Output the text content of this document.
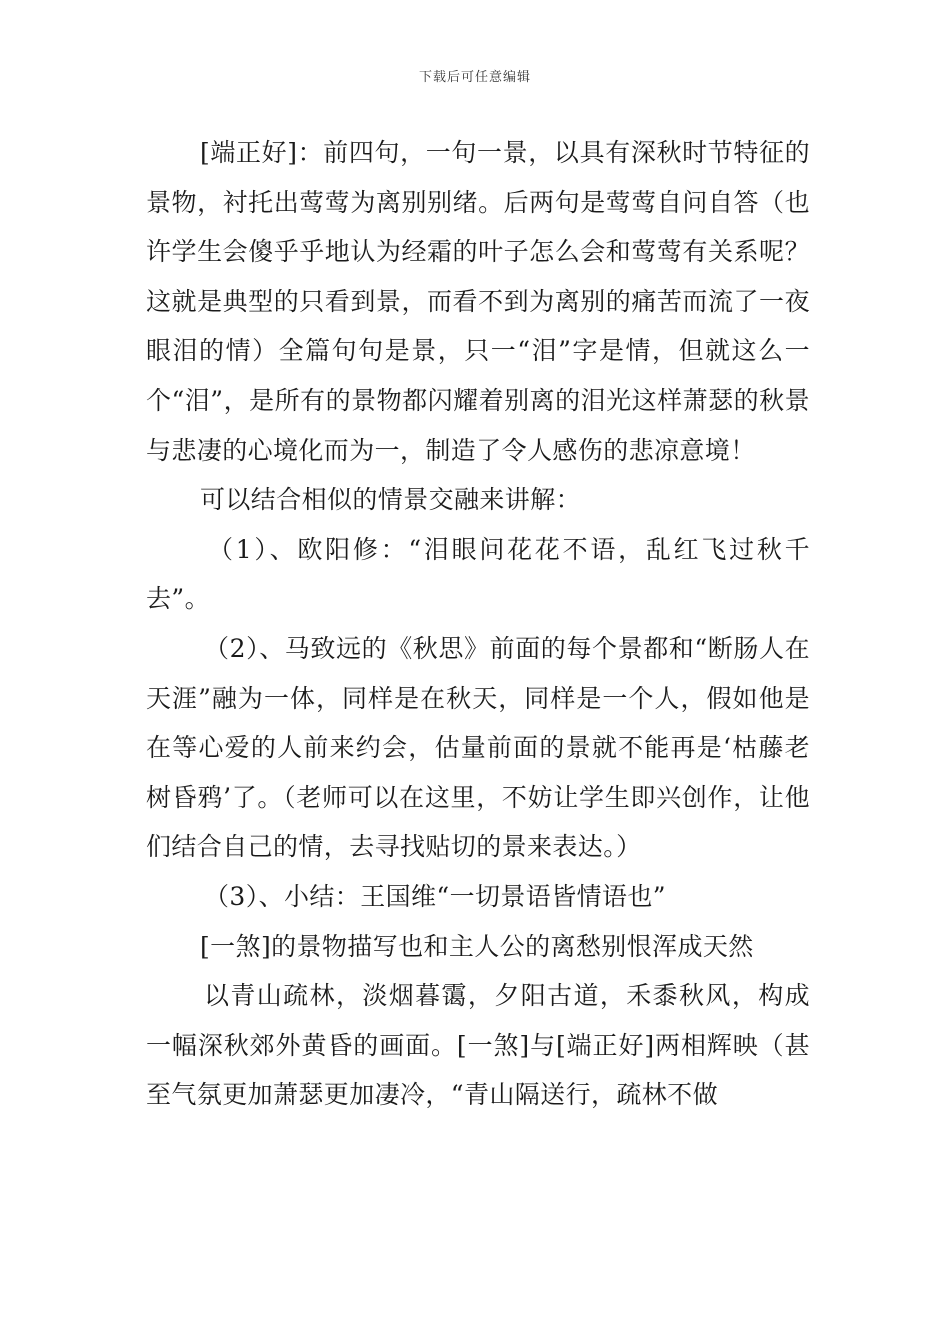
下载后可任意编辑

[端正好]：前四句，一句一景，以具有深秋时节特征的景物，衬托出莺莺为离别别绪。后两句是莺莺自问自答（也许学生会傻乎乎地认为经霜的叶子怎么会和莺莺有关系呢？这就是典型的只看到景，而看不到为离别的痛苦而流了一夜眼泪的情）全篇句句是景，只一“泪”字是情，但就这么一个“泪”，是所有的景物都闪耀着别离的泪光这样萧瑟的秋景与悲凄的心境化而为一，制造了令人感伤的悲凉意境！

可以结合相似的情景交融来讲解：

（1）、欧阳修：“泪眼问花花不语，乱红飞过秋千去”。

（2）、马致远的《秋思》前面的每个景都和“断肠人在天涯”融为一体，同样是在秋天，同样是一个人，假如他是在等心爱的人前来约会，估量前面的景就不能再是‘枯藤老树昏鸦’了。（老师可以在这里，不妨让学生即兴创作，让他们结合自己的情，去寻找贴切的景来表达。）

（3）、小结：王国维“一切景语皆情语也”

[一煞]的景物描写也和主人公的离愁别恨浑成天然

以青山疏林，淡烟暮霭，夕阳古道，禾黍秋风，构成一幅深秋郊外黄昏的画面。[一煞]与[端正好]两相辉映（甚至气氛更加萧瑟更加凄冷，“青山隔送行，疏林不做
